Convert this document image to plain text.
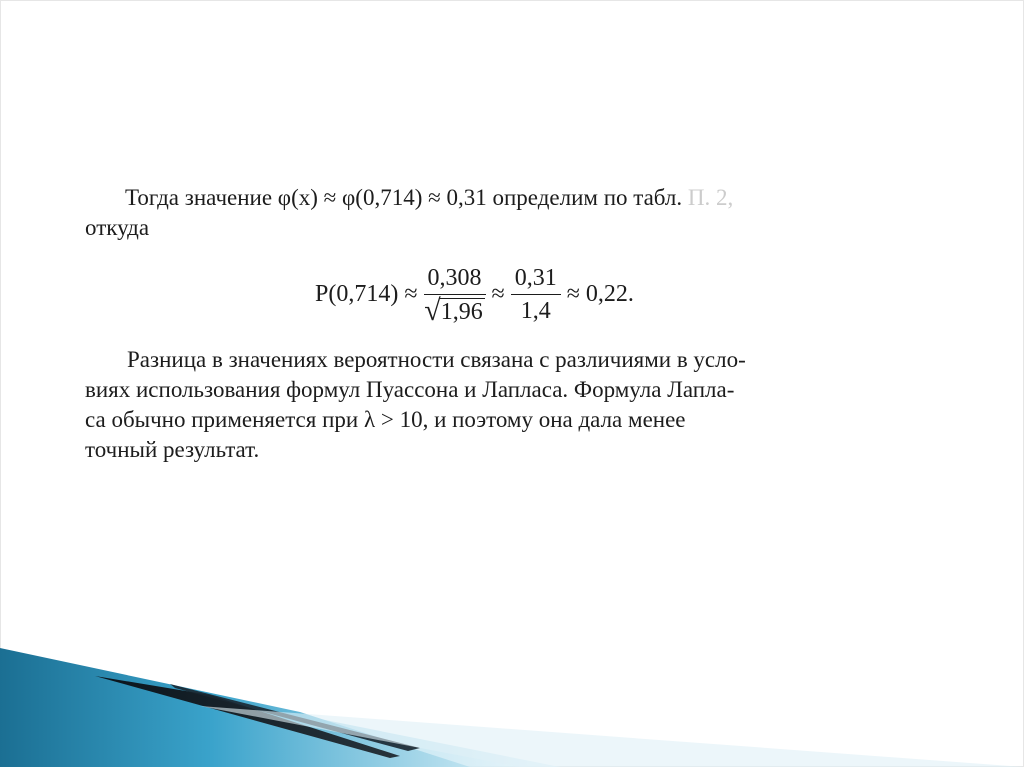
Тогда значение φ(x) ≈ φ(0,714) ≈ 0,31 определим по табл. П. 2,
откуда

$P(0,714) \approx \frac{0,308}{√ 1,96} \approx \frac{0,31}{1,4} \approx 0,22$.
Разница в значениях вероятности связана с различиями в усло-
виях использования формул Пуассона и Лапласа. Формула Лапла-
са обычно применяется при λ > 10, и поэтому она дала менее
точный результат.
